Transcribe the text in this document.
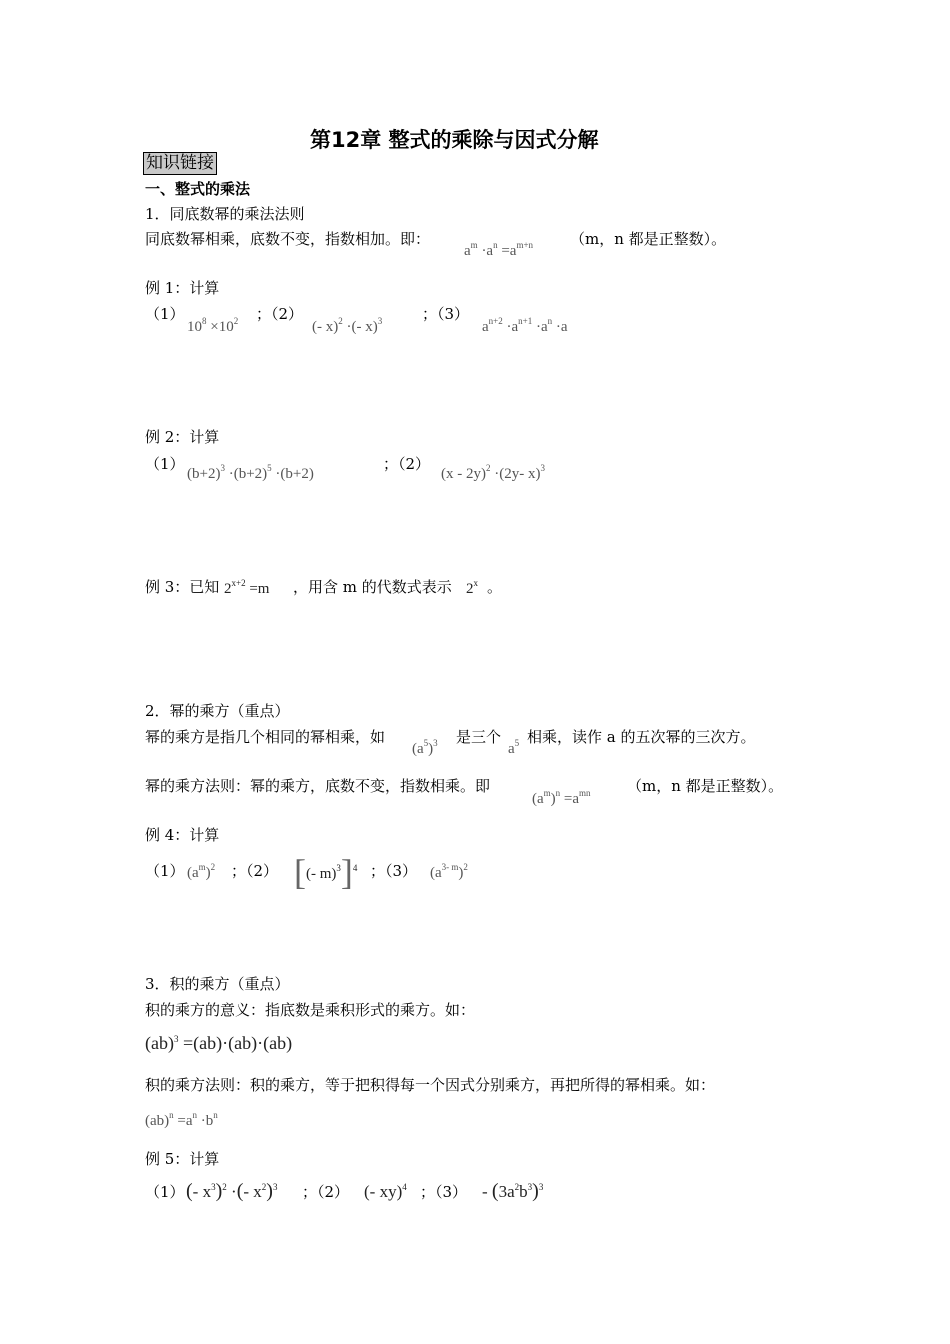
第12章 整式的乘除与因式分解
知识链接
一、整式的乘法
1．同底数幂的乘法法则
同底数幂相乘，底数不变，指数相加。即：
$a^m \cdot a^n =a^{m+n}$ （m，n 都是正整数）。
例 1：计算
（1）
$10^8 \times 10^2$ ；（2）
(- x)$^2$ ·(- x)$^3$	；（3）
$a^{n+2} \cdot a^{n+1} \cdot a^n \cdot a$
例 2：计算
（1）
$(b+2)^3 \cdot(b+2)^5 \cdot(b+2)$
；（2）
(x - 2y)$^2$ ·(2y- x)$^3$
例 3：已知 $2^{x+2} =m$ ，用含 m 的代数式表示 2$^x$ 。
2．幂的乘方（重点）
幂的乘方是指几个相同的幂相乘，如
$(a^5)^3$ 是三个
$a^5$ 相乘，读作 a 的五次幂的三次方。
幂的乘方法则：幂的乘方，底数不变，指数相乘。即
$(a^m)^n =a^{mn}$ （m，n 都是正整数）。
例 4：计算
（1） $(a^m)^2$ ；（2） [(- m)$^3$]$^4$ ；（3） $(a^{3- m})^2$
3．积的乘方（重点）
积的乘方的意义：指底数是乘积形式的乘方。如：
(ab)$^3$ =(ab)·(ab)·(ab)
积的乘方法则：积的乘方，等于把积得每一个因式分别乘方，再把所得的幂相乘。如：
$(ab)^n =a^n \cdot b^n$
例 5：计算
（1） (- $x^3)^2$ ·(- $x^2)^3$ ；（2） (- xy)$^4$ ；$(3) - (3a^2b^3)^3$
